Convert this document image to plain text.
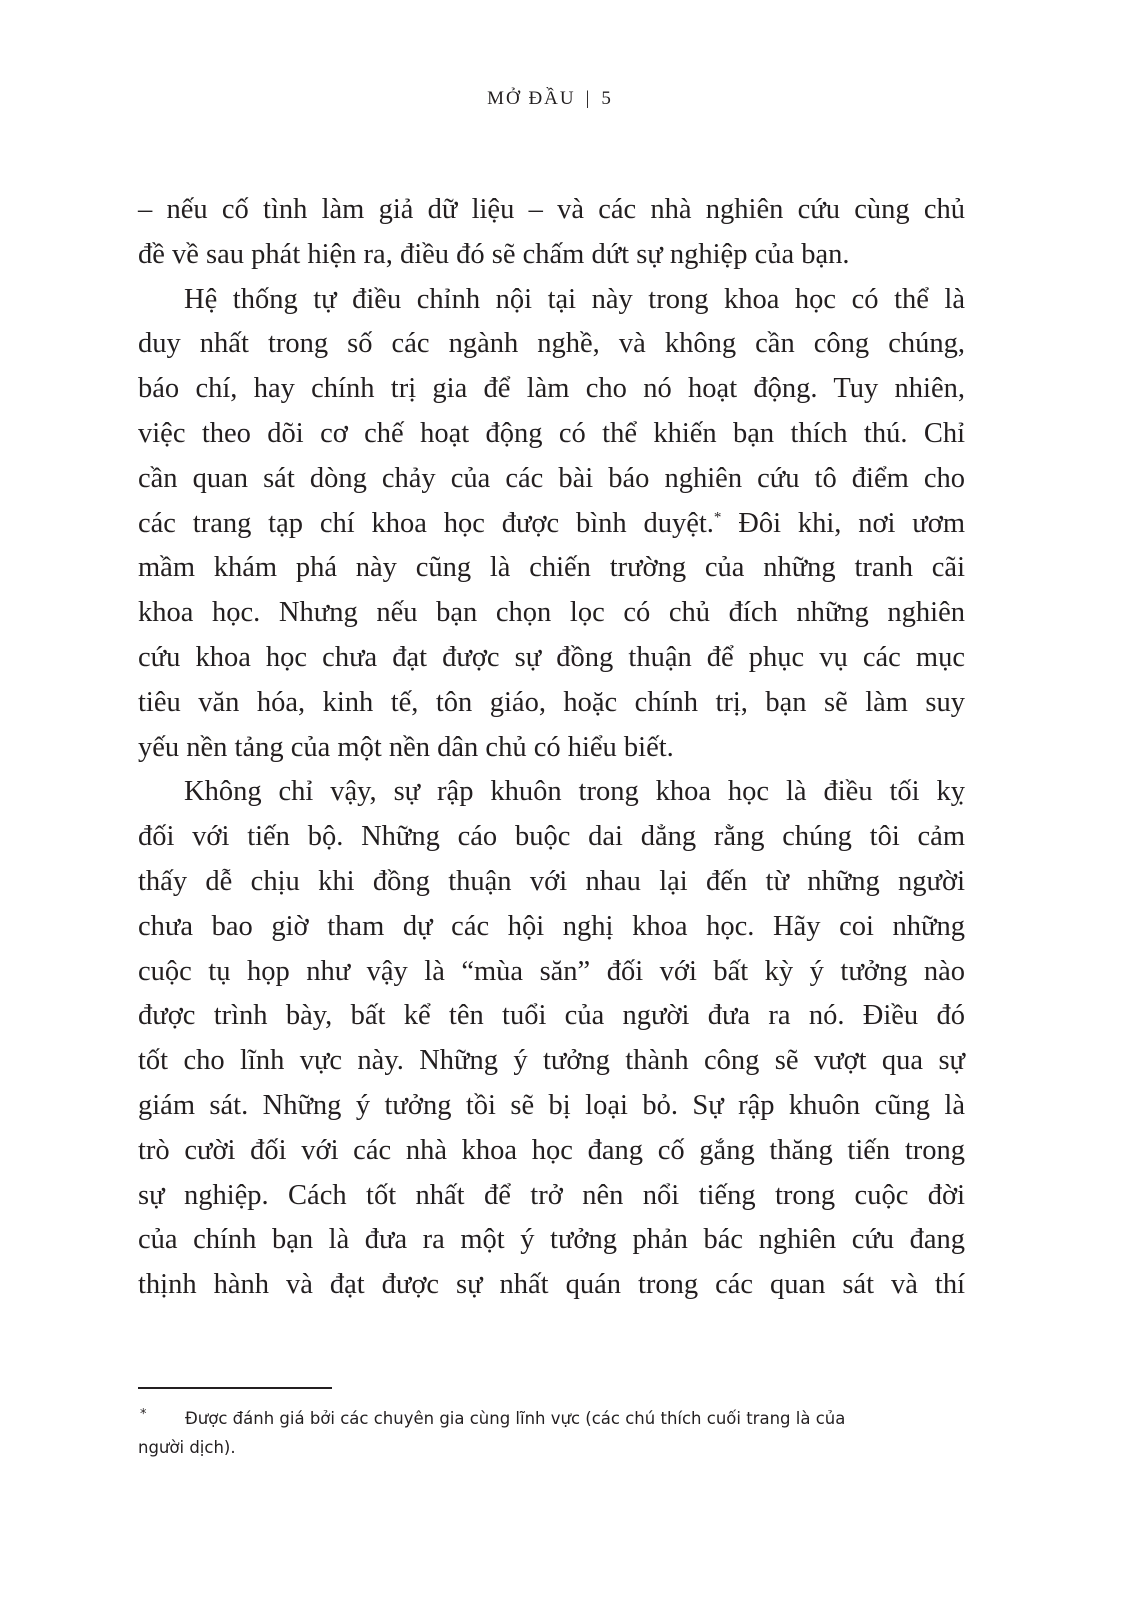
MỞ ĐẦU | 5
– nếu cố tình làm giả dữ liệu – và các nhà nghiên cứu cùng chủ
đề về sau phát hiện ra, điều đó sẽ chấm dứt sự nghiệp của bạn.
Hệ thống tự điều chỉnh nội tại này trong khoa học có thể là
duy nhất trong số các ngành nghề, và không cần công chúng,
báo chí, hay chính trị gia để làm cho nó hoạt động. Tuy nhiên,
việc theo dõi cơ chế hoạt động có thể khiến bạn thích thú. Chỉ
cần quan sát dòng chảy của các bài báo nghiên cứu tô điểm cho
các trang tạp chí khoa học được bình duyệt.* Đôi khi, nơi ươm
mầm khám phá này cũng là chiến trường của những tranh cãi
khoa học. Nhưng nếu bạn chọn lọc có chủ đích những nghiên
cứu khoa học chưa đạt được sự đồng thuận để phục vụ các mục
tiêu văn hóa, kinh tế, tôn giáo, hoặc chính trị, bạn sẽ làm suy
yếu nền tảng của một nền dân chủ có hiểu biết.
Không chỉ vậy, sự rập khuôn trong khoa học là điều tối kỵ
đối với tiến bộ. Những cáo buộc dai dẳng rằng chúng tôi cảm
thấy dễ chịu khi đồng thuận với nhau lại đến từ những người
chưa bao giờ tham dự các hội nghị khoa học. Hãy coi những
cuộc tụ họp như vậy là “mùa săn” đối với bất kỳ ý tưởng nào
được trình bày, bất kể tên tuổi của người đưa ra nó. Điều đó
tốt cho lĩnh vực này. Những ý tưởng thành công sẽ vượt qua sự
giám sát. Những ý tưởng tồi sẽ bị loại bỏ. Sự rập khuôn cũng là
trò cười đối với các nhà khoa học đang cố gắng thăng tiến trong
sự nghiệp. Cách tốt nhất để trở nên nổi tiếng trong cuộc đời
của chính bạn là đưa ra một ý tưởng phản bác nghiên cứu đang
thịnh hành và đạt được sự nhất quán trong các quan sát và thí
* Được đánh giá bởi các chuyên gia cùng lĩnh vực (các chú thích cuối trang là của
người dịch).
